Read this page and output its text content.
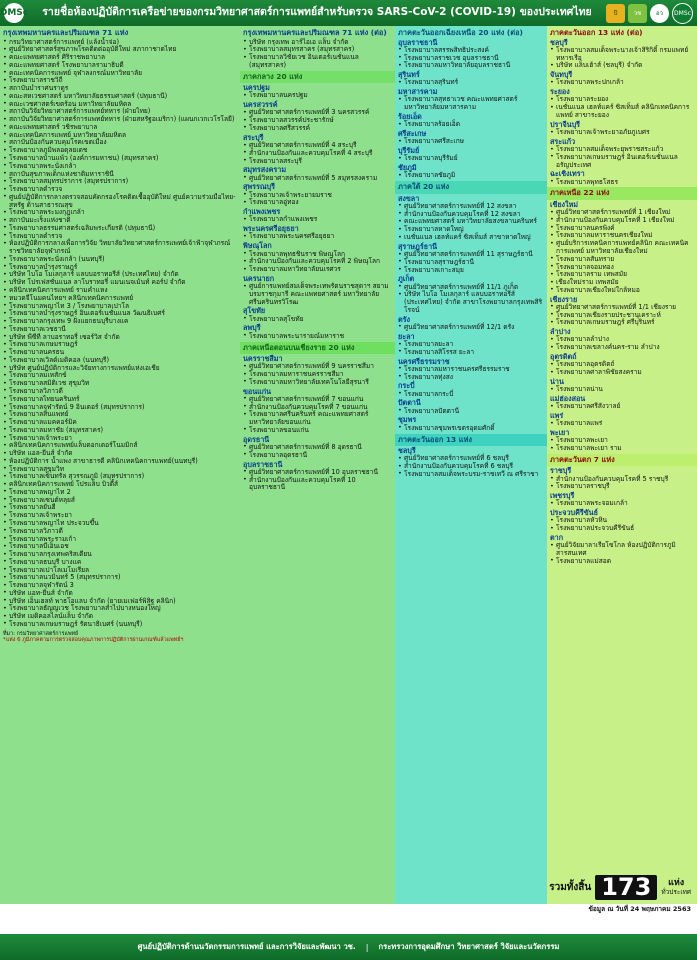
DMSc	รายชื่อห้องปฏิบัติการเครือข่ายของกรมวิทยาศาสตร์การแพทย์สำหรับตรวจ SARS-CoV-2 (COVID-19) ของประเทศไทย	ปี	วช	อว	DMSc
กรุงเทพมหานครและปริมณฑล 71 แห่ง
• กรมวิทยาศาสตร์การแพทย์ (แล้งน้ำจ่อ)
• ศูนย์วิทยาศาสตร์สุขภาพโรคติดต่ออุบัติใหม่ สภากาชาดไทย
• คณะแพทยศาสตร์ ศิริราชพยาบาล
• คณะแพทยศาสตร์ โรงพยาบาลรามาธิบดี
• คณะเทคนิคการแพทย์ จุฬาลงกรณ์มหาวิทยาลัย
• โรงพยาบาลราชวิถี
• สถาบันบำราศนราดูร
• คณะสหเวชศาสตร์ มหาวิทยาลัยธรรมศาสตร์ (ปทุมธานี)
• คณะเวชศาสตร์เขตร้อน มหาวิทยาลัยมหิดล
• สถาบันวิจัยวิทยาศาสตร์การแพทย์ทหาร (ฝ่ายไทย)
• สถาบันวิจัยวิทยาศาสตร์การแพทย์ทหาร (ฝ่ายสหรัฐอเมริกา) (แผนกเวกเวโรโลยี)
• คณะแพทยศาสตร์ วชิรพยาบาล
• คณะเทคนิคการแพทย์ มหาวิทยาลัยมหิดล
• สถาบันป้องกันควบคุมโรคเขตเมือง
• โรงพยาบาลภูมิพลอดุลยเดช
• โรงพยาบาลบ้านแพ้ว (องค์การมหาชน) (สมุทรสาคร)
• โรงพยาบาลพระนั่งเกล้า
• สถาบันสุขภาพเด็กแห่งชาติมหาราชินี
• โรงพยาบาลสมุทรปราการ (สมุทรปราการ)
• โรงพยาบาลตำรวจ
• ศูนย์ปฏิบัติการกลางตรวจสอบคัดกรองโรคติดเชื้ออุบัติใหม่ ศูนย์ความร่วมมือไทย-สหรัฐ ด้านสาธารณสุข
• โรงพยาบาลพระมงกุฎเกล้า
• สถาบันมะเร็งแห่งชาติ
• โรงพยาบาลธรรมศาสตร์เฉลิมพระเกียรติ (ปทุมธานี)
• โรงพยาบาลตำรวจ
• ห้องปฏิบัติการกลางเพื่อการวิจัย วิทยาลัยวิทยาศาสตร์การแพทย์เจ้าฟ้าจุฬาภรณ์ ราชวิทยาลัยจุฬาภรณ์
• โรงพยาบาลพระนั่งเกล้า (นนทบุรี)
• โรงพยาบาลบำรุงราษฎร์
• บริษัท ไบโอ โมเลกุลาร์ แลบบอราทอรีส์ (ประเทศไทย) จำกัด
• บริษัท โปรเฟสชั่นแนล ลาโบราทอรี่ แมนเนจเม้นท์ คอร์ป จำกัด
• คลินิกเทคนิคการแพทย์ รามคำแหง
• หมวดจีโนมคนไทยฯ คลินิกเทคนิคการแพทย์
• โรงพยาบาลพญาไท 3 / โรงพยาบาลเปาโล
• โรงพยาบาลบำรุงราษฎร์ อินเตอร์เนชั่นแนล วัฒนธิเบศร์
• โรงพยาบาลกรุงเทพ 9 ฝั่งแยกธนบุรีบางแค
• โรงพยาบาลเวชธานี
• บริษัท พีซีที ลาบอราทอรี่ เซอร์วิส จำกัด
• โรงพยาบาลเกษมราษฎร์
• โรงพยาบาลนครธน
• โรงพยาบาลเวิลด์เมดิคอล (นนทบุรี)
• บริษัท ศูนย์ปฏิบัติการและวิจัยทางการแพทย์แห่งเอเชีย
• โรงพยาบาลมเหสักข์
• โรงพยาบาลสมิติเวช สุขุมวิท
• โรงพยาบาลวิภาวดี
• โรงพยาบาลไทยนครินทร์
• โรงพยาบาลจุฬารัตน์ 9 อินเตอร์ (สมุทรปราการ)
• โรงพยาบาลสินแพทย์
• โรงพยาบาลแมคคอร์มิค
• โรงพยาบาลมหาชัย (สมุทรสาคร)
• โรงพยาบาลเจ้าพระยา
• คลินิกเทคนิคการแพทย์แล็บดอกเตอร์โนมมิกส์
• บริษัท แอล-ยีนส์ จำกัด
• ห้องปฏิบัติการ น้ำแพง สาขาธารดี คลินิกเทคนิคการแพทย์(นนทบุรี)
• โรงพยาบาลสุขุมวิท
• โรงพยาบาลเซ็นทรัล สุวรรณภูมิ (สมุทรปราการ)
• คลินิกเทคนิคการแพทย์ โปรแล็บ บิวตี้ส์
• โรงพยาบาลพญาไท 2
• โรงพยาบาลเซนต์หลุยส์
• โรงพยาบาลยันฮี
• โรงพยาบาลเจ้าพระยา
• โรงพยาบาลพญาไท ประจวบขึ้น
• โรงพยาบาลวิภาวดี
• โรงพยาบาลพระรามเก้า
• โรงพยาบาลบีเอ็นเอช
• โรงพยาบาลกรุงเทพคริสเตียน
• โรงพยาบาลธนบุรี บางแค
• โรงพยาบาลเปาโลเมโมเรียล
• โรงพยาบาลนวมินทร์ 5 (สมุทรปราการ)
• โรงพยาบาลจุฬารัตน์ 3
• บริษัท แอท-ยีนส์ จำกัด
• บริษัท เอ็นเฮลท์ พาธโอแลบ จำกัด (ยายเมเฟอร์พิสิฐ คลินิก)
• โรงพยาบาลธัญญเวช โรงพยาบาลสำไปบางหนองใหญ่
• บริษัท เมดิคอลไลน์แล็บ จำกัด
• โรงพยาบาลเกษมราษฎร์ รัตนาธิเบศร์ (นนทบุรี)
ที่มา: กรมวิทยาศาสตร์การแพทย์
*แห่ง 6 ภูมิภาคตามการตรวจสอบคุณภาพการปฏิบัติการผ่านเกณฑ์แล้วแพทย์ฯ
กรุงเทพมหานครและปริมณฑล 71 แห่ง (ต่อ)
• บริษัท กรุงเทพ อาร์ไอเอ แล็บ จำกัด
• โรงพยาบาลสมุทรสาคร (สมุทรสาคร)
• โรงพยาบาลวิชัยเวช อินเตอร์เนชั่นแนล (สมุทรสาคร)
ภาคกลาง 20 แห่ง
นครปฐม
• โรงพยาบาลนครปฐม
นครสวรรค์
• ศูนย์วิทยาศาสตร์การแพทย์ที่ 3 นครสวรรค์
• โรงพยาบาลสวรรค์ประชารักษ์
• โรงพยาบาลศรีสวรรค์
สระบุรี
• ศูนย์วิทยาศาสตร์การแพทย์ที่ 4 สระบุรี
• สำนักงานป้องกันและควบคุมโรคที่ 4 สระบุรี
• โรงพยาบาลสระบุรี
สมุทรสงคราม
• ศูนย์วิทยาศาสตร์การแพทย์ที่ 5 สมุทรสงคราม
สุพรรณบุรี
• โรงพยาบาลเจ้าพระยายมราช
• โรงพยาบาลอู่ทอง
กำแพงเพชร
• โรงพยาบาลกำแพงเพชร
พระนครศรีอยุธยา
• โรงพยาบาลพระนครศรีอยุธยา
พิษณุโลก
• โรงพยาบาลพุทธชินราช พิษณุโลก
• สำนักงานป้องกันและควบคุมโรคที่ 2 พิษณุโลก
• โรงพยาบาลมหาวิทยาลัยนเรศวร
นครนายก
• ศูนย์การแพทย์สมเด็จพระเทพรัตนราชสุดาฯ สยามบรมราชกุมารี คณะแพทยศาสตร์ มหาวิทยาลัยศรีนครินทรวิโรฒ
สุโขทัย
• โรงพยาบาลสุโขทัย
ลพบุรี
• โรงพยาบาลพระนารายณ์มหาราช
ภาคเหนือตอนบนเชียงราย 20 แห่ง
นครราชสีมา
• ศูนย์วิทยาศาสตร์การแพทย์ที่ 9 นครราชสีมา
• โรงพยาบาลมหาราชนครราชสีมา
• โรงพยาบาลมหาวิทยาลัยเทคโนโลยีสุรนารี
ขอนแก่น
• ศูนย์วิทยาศาสตร์การแพทย์ที่ 7 ขอนแก่น
• สำนักงานป้องกันควบคุมโรคที่ 7 ขอนแก่น
• โรงพยาบาลศรีนครินทร์ คณะแพทยศาสตร์ มหาวิทยาลัยขอนแก่น
• โรงพยาบาลขอนแก่น
อุดรธานี
• ศูนย์วิทยาศาสตร์การแพทย์ที่ 8 อุดรธานี
• โรงพยาบาลอุดรธานี
อุบลราชธานี
• ศูนย์วิทยาศาสตร์การแพทย์ที่ 10 อุบลราชธานี
• สำนักงานป้องกันและควบคุมโรคที่ 10 อุบลราชธานี
ภาคตะวันออกเฉียงเหนือ 20 แห่ง (ต่อ)
อุบลราชธานี
• โรงพยาบาลสรรพสิทธิประสงค์
• โรงพยาบาลราชเวช อุบลราชธานี
• โรงพยาบาลมหาวิทยาลัยอุบลราชธานี
สุรินทร์
• โรงพยาบาลสุรินทร์
มหาสารคาม
• โรงพยาบาลสุทธาเวช คณะแพทยศาสตร์ มหาวิทยาลัยมหาสารคาม
ร้อยเอ็ด
• โรงพยาบาลร้อยเอ็ด
ศรีสะเกษ
• โรงพยาบาลศรีสะเกษ
บุรีรัมย์
• โรงพยาบาลบุรีรัมย์
ชัยภูมิ
• โรงพยาบาลชัยภูมิ
ภาคใต้ 20 แห่ง
สงขลา
• ศูนย์วิทยาศาสตร์การแพทย์ที่ 12 สงขลา
• สำนักงานป้องกันควบคุมโรคที่ 12 สงขลา
• คณะแพทยศาสตร์ มหาวิทยาลัยสงขลานครินทร์
• โรงพยาบาลหาดใหญ่
• เนชั่นแนล เฮลท์แคร์ ซิสเท็มส์ สาขาหาดใหญ่
สุราษฎร์ธานี
• ศูนย์วิทยาศาสตร์การแพทย์ที่ 11 สุราษฎร์ธานี
• โรงพยาบาลสุราษฎร์ธานี
• โรงพยาบาลเกาะสมุย
ภูเก็ต
• ศูนย์วิทยาศาสตร์การแพทย์ที่ 11/1 ภูเก็ต
• บริษัท ไบโอ โมเลกุลาร์ แลบบอราทอรีส์ (ประเทศไทย) จำกัด สาขาโรงพยาบาลกรุงเทพสิริโรจน์
ตรัง
• ศูนย์วิทยาศาสตร์การแพทย์ที่ 12/1 ตรัง
ยะลา
• โรงพยาบาลยะลา
• โรงพยาบาลสิโรรส ยะลา
นครศรีธรรมราช
• โรงพยาบาลมหาราชนครศรีธรรมราช
• โรงพยาบาลทุ่งสง
กระบี่
• โรงพยาบาลกระบี่
ปัตตานี
• โรงพยาบาลปัตตานี
ชุมพร
• โรงพยาบาลชุมพรเขตรอุดมศักดิ์
ภาคตะวันออก 13 แห่ง
ชลบุรี
• ศูนย์วิทยาศาสตร์การแพทย์ที่ 6 ชลบุรี
• สำนักงานป้องกันควบคุมโรคที่ 6 ชลบุรี
• โรงพยาบาลสมเด็จพระบรม-ราชเทวี ณ ศรีราชา
ภาคตะวันออก 13 แห่ง (ต่อ)
ชลบุรี
• โรงพยาบาลสมเด็จพระนางเจ้าสิริกิติ์ กรมแพทย์ทหารเรือ
• บริษัท แล็บเฮ้าส์ (ชลบุรี) จำกัด
จันทบุรี
• โรงพยาบาลพระปกเกล้า
ระยอง
• โรงพยาบาลระยอง
• เนชั่นแนล เฮลท์แคร์ ซิสเท็มส์ คลินิกเทคนิคการแพทย์ สาขาระยอง
ปราจีนบุรี
• โรงพยาบาลเจ้าพระยาอภัยภูเบศร
สระแก้ว
• โรงพยาบาลสมเด็จพระยุพราชสระแก้ว
• โรงพยาบาลเกษมราษฎร์ อินเตอร์เนชั่นแนล อรัญประเทศ
ฉะเชิงเทรา
• โรงพยาบาลพุทธโสธร
ภาคเหนือ 22 แห่ง
เชียงใหม่
• ศูนย์วิทยาศาสตร์การแพทย์ที่ 1 เชียงใหม่
• สำนักงานป้องกันควบคุมโรคที่ 1 เชียงใหม่
• โรงพยาบาลนครพิงค์
• โรงพยาบาลมหาราชนครเชียงใหม่
• ศูนย์บริการเทคนิคการแพทย์คลินิก คณะเทคนิคการแพทย์ มหาวิทยาลัยเชียงใหม่
• โรงพยาบาลสันทราย
• โรงพยาบาลจอมทอง
• โรงพยาบาลราม เทพสมัย
• เชียงใหม่ราม เทพสมัย
• โรงพยาบาลเชียงใหม่ใกล้หมอ
เชียงราย
• ศูนย์วิทยาศาสตร์การแพทย์ที่ 1/1 เชียงราย
• โรงพยาบาลเชียงรายประชานุเคราะห์
• โรงพยาบาลเกษมราษฎร์ ศรีบุรินทร์
ลำปาง
• โรงพยาบาลลำปาง
• โรงพยาบาลเขลางค์นคร-ราม ลำปาง
อุตรดิตถ์
• โรงพยาบาลอุตรดิตถ์
• โรงพยาบาลศาลาพิชัยสงคราม
น่าน
• โรงพยาบาลน่าน
แม่ฮ่องสอน
• โรงพยาบาลศรีสังวาลย์
แพร่
• โรงพยาบาลแพร่
พะเยา
• โรงพยาบาลพะเยา
• โรงพยาบาลพะเยา ราม
ภาคตะวันตก 7 แห่ง
ราชบุรี
• สำนักงานป้องกันควบคุมโรคที่ 5 ราชบุรี
• โรงพยาบาลราชบุรี
เพชรบุรี
• โรงพยาบาลพระจอมเกล้า
ประจวบคีรีขันธ์
• โรงพยาบาลหัวหิน
• โรงพยาบาลประจวบคีรีขันธ์
ตาก
• ศูนย์วิจัยมาลาเรียโซโกล ห้องปฏิบัติการภูมิสารสนเทศ
• โรงพยาบาลแม่สอด
รวมทั้งสิ้น 173	แห่ง
ทั่วประเทศ
ข้อมูล ณ วันที่ 24 พฤษภาคม 2563
ศูนย์ปฏิบัติการด้านนวัตกรรมการแพทย์ และการวิจัยและพัฒนา วช. | กระทรวงการอุดมศึกษา วิทยาศาสตร์ วิจัยและนวัตกรรม
